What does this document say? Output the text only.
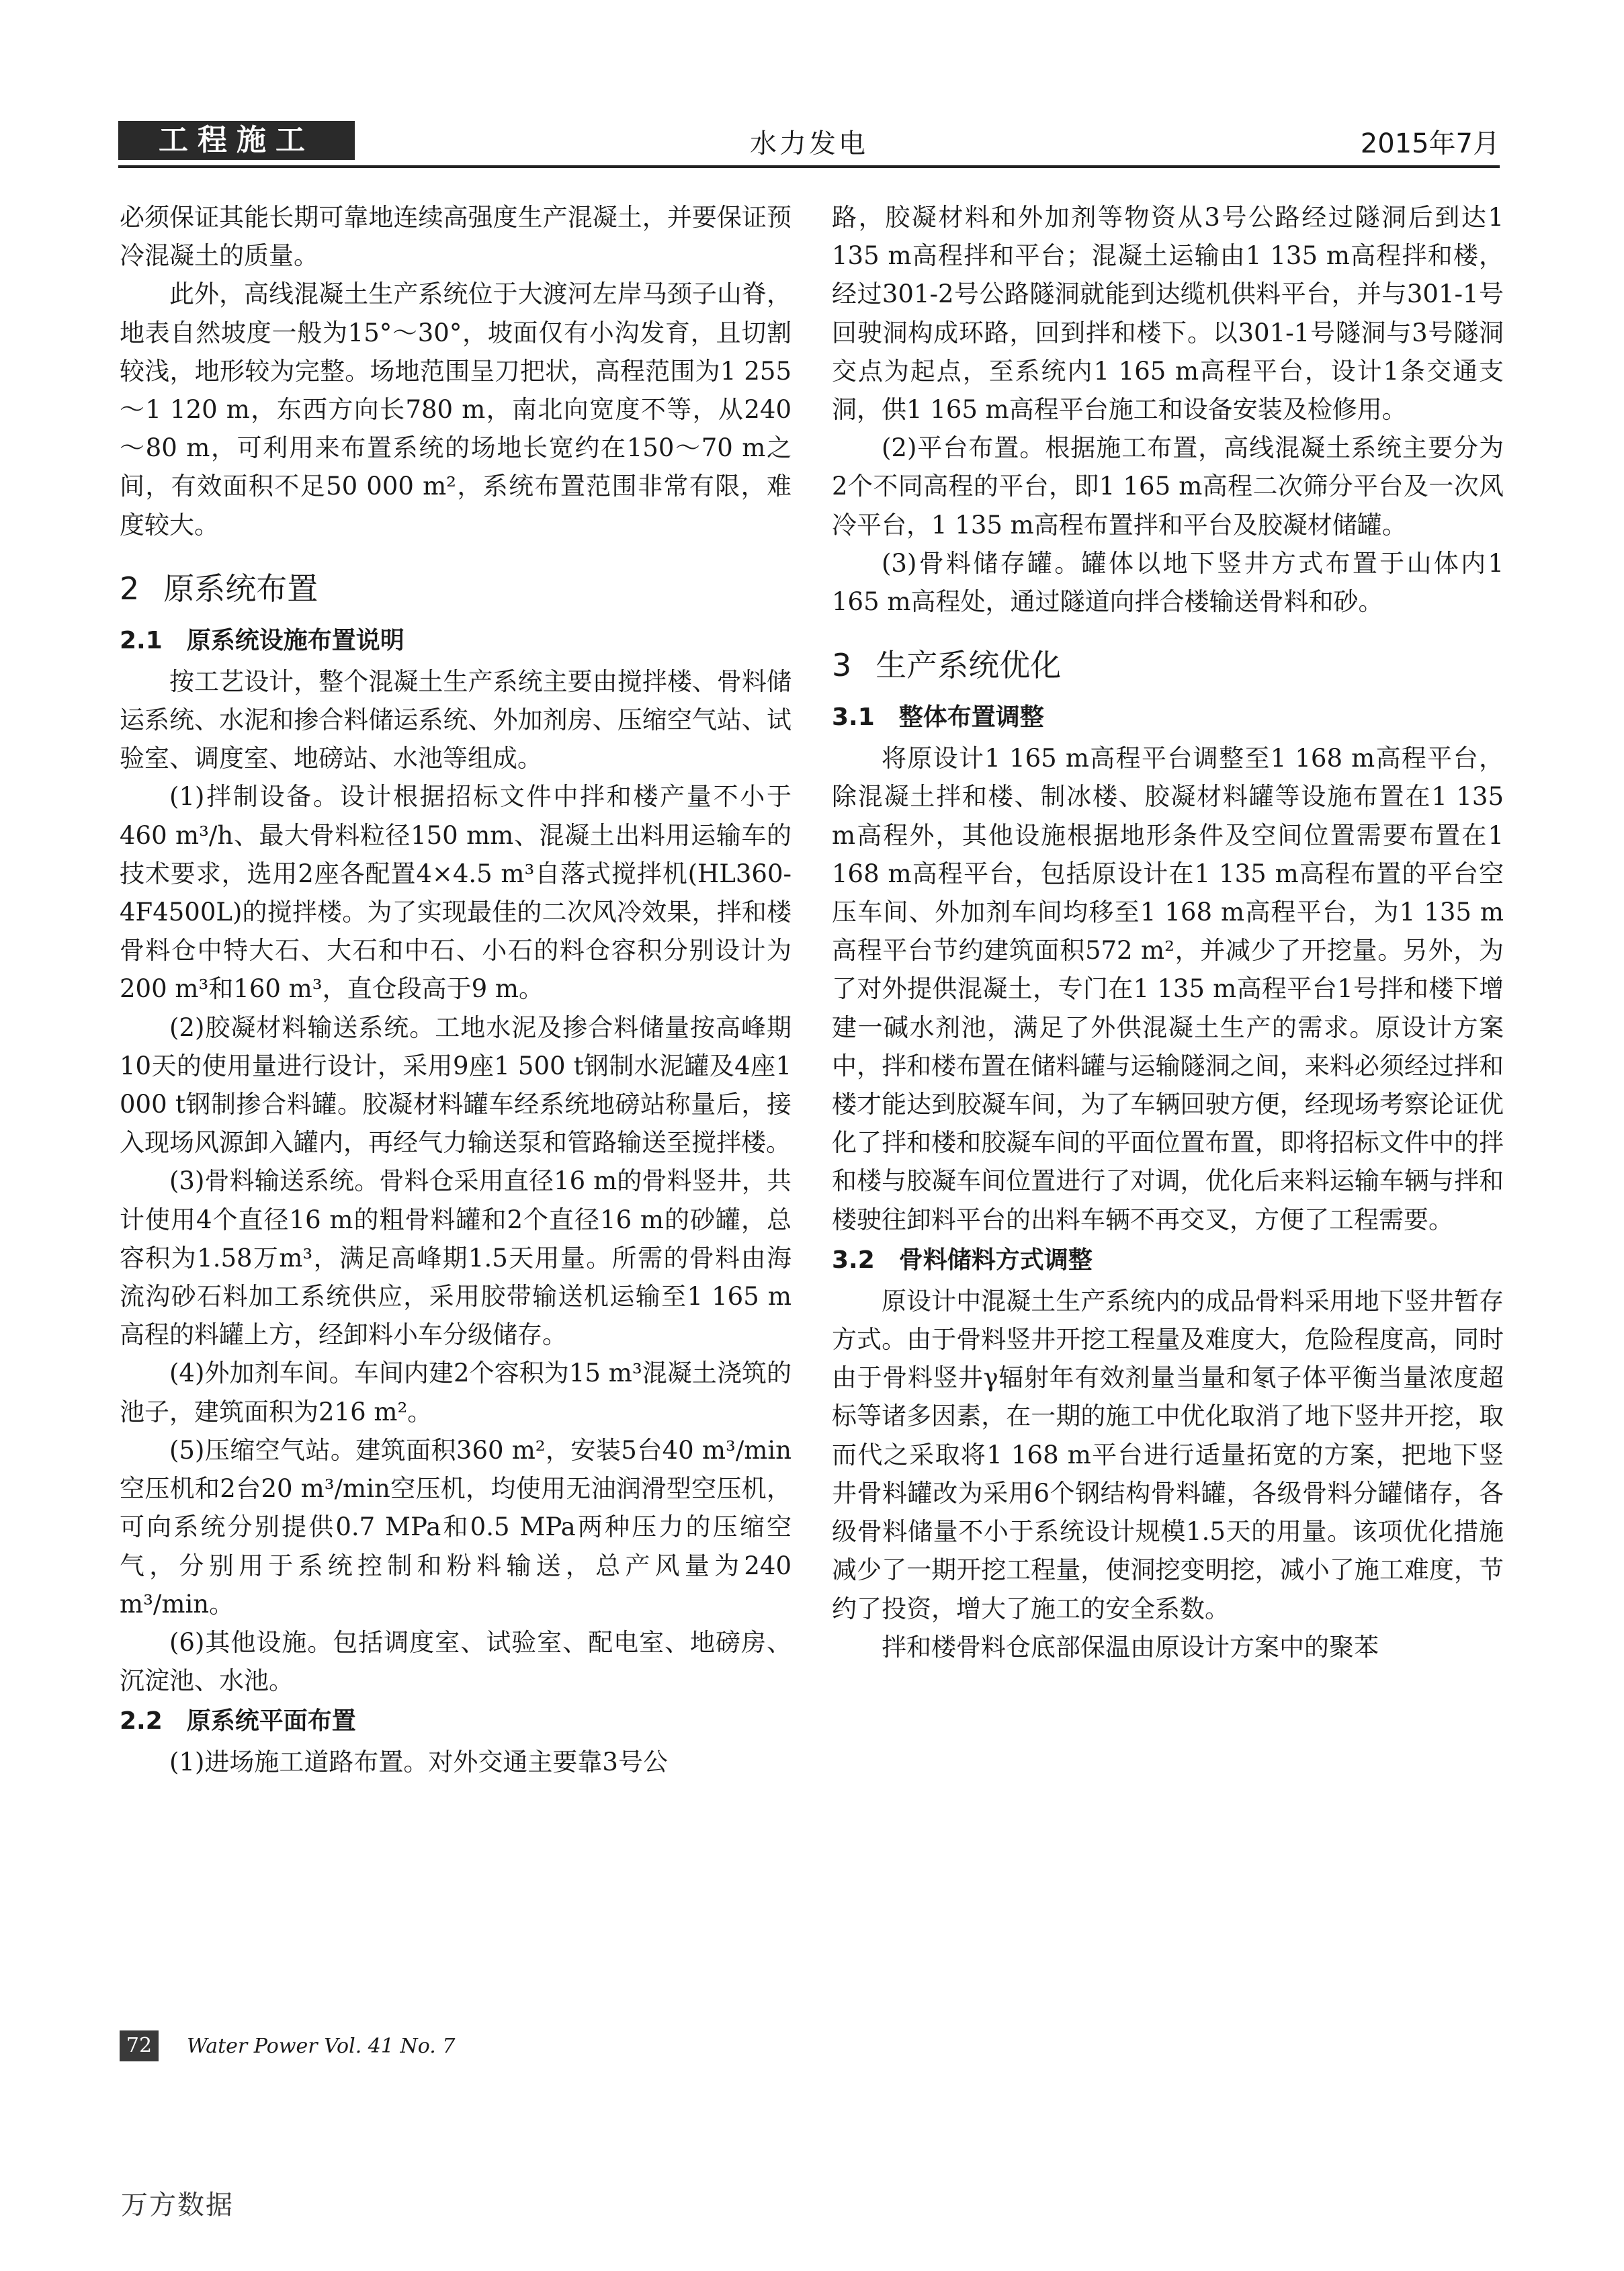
工程施工	水力发电	2015年7月

必须保证其能长期可靠地连续高强度生产混凝土，并要保证预冷混凝土的质量。

此外，高线混凝土生产系统位于大渡河左岸马颈子山脊，地表自然坡度一般为15°～30°，坡面仅有小沟发育，且切割较浅，地形较为完整。场地范围呈刀把状，高程范围为1 255～1 120 m，东西方向长780 m，南北向宽度不等，从240～80 m，可利用来布置系统的场地长宽约在150～70 m之间，有效面积不足50 000 m²，系统布置范围非常有限，难度较大。

2 原系统布置
2.1 原系统设施布置说明

按工艺设计，整个混凝土生产系统主要由搅拌楼、骨料储运系统、水泥和掺合料储运系统、外加剂房、压缩空气站、试验室、调度室、地磅站、水池等组成。

(1)拌制设备。设计根据招标文件中拌和楼产量不小于460 m³/h、最大骨料粒径150 mm、混凝土出料用运输车的技术要求，选用2座各配置4×4.5 m³自落式搅拌机(HL360-4F4500L)的搅拌楼。为了实现最佳的二次风冷效果，拌和楼骨料仓中特大石、大石和中石、小石的料仓容积分别设计为200 m³和160 m³，直仓段高于9 m。

(2)胶凝材料输送系统。工地水泥及掺合料储量按高峰期10天的使用量进行设计，采用9座1 500 t钢制水泥罐及4座1 000 t钢制掺合料罐。胶凝材料罐车经系统地磅站称量后，接入现场风源卸入罐内，再经气力输送泵和管路输送至搅拌楼。

(3)骨料输送系统。骨料仓采用直径16 m的骨料竖井，共计使用4个直径16 m的粗骨料罐和2个直径16 m的砂罐，总容积为1.58万m³，满足高峰期1.5天用量。所需的骨料由海流沟砂石料加工系统供应，采用胶带输送机运输至1 165 m高程的料罐上方，经卸料小车分级储存。

(4)外加剂车间。车间内建2个容积为15 m³混凝土浇筑的池子，建筑面积为216 m²。

(5)压缩空气站。建筑面积360 m²，安装5台40 m³/min空压机和2台20 m³/min空压机，均使用无油润滑型空压机，可向系统分别提供0.7 MPa和0.5 MPa两种压力的压缩空气，分别用于系统控制和粉料输送，总产风量为240 m³/min。

(6)其他设施。包括调度室、试验室、配电室、地磅房、沉淀池、水池。

2.2 原系统平面布置

(1)进场施工道路布置。对外交通主要靠3号公

路，胶凝材料和外加剂等物资从3号公路经过隧洞后到达1 135 m高程拌和平台；混凝土运输由1 135 m高程拌和楼，经过301-2号公路隧洞就能到达缆机供料平台，并与301-1号回驶洞构成环路，回到拌和楼下。以301-1号隧洞与3号隧洞交点为起点，至系统内1 165 m高程平台，设计1条交通支洞，供1 165 m高程平台施工和设备安装及检修用。

(2)平台布置。根据施工布置，高线混凝土系统主要分为2个不同高程的平台，即1 165 m高程二次筛分平台及一次风冷平台，1 135 m高程布置拌和平台及胶凝材储罐。

(3)骨料储存罐。罐体以地下竖井方式布置于山体内1 165 m高程处，通过隧道向拌合楼输送骨料和砂。

3 生产系统优化
3.1 整体布置调整

将原设计1 165 m高程平台调整至1 168 m高程平台，除混凝土拌和楼、制冰楼、胶凝材料罐等设施布置在1 135 m高程外，其他设施根据地形条件及空间位置需要布置在1 168 m高程平台，包括原设计在1 135 m高程布置的平台空压车间、外加剂车间均移至1 168 m高程平台，为1 135 m高程平台节约建筑面积572 m²，并减少了开挖量。另外，为了对外提供混凝土，专门在1 135 m高程平台1号拌和楼下增建一碱水剂池，满足了外供混凝土生产的需求。原设计方案中，拌和楼布置在储料罐与运输隧洞之间，来料必须经过拌和楼才能达到胶凝车间，为了车辆回驶方便，经现场考察论证优化了拌和楼和胶凝车间的平面位置布置，即将招标文件中的拌和楼与胶凝车间位置进行了对调，优化后来料运输车辆与拌和楼驶往卸料平台的出料车辆不再交叉，方便了工程需要。

3.2 骨料储料方式调整

原设计中混凝土生产系统内的成品骨料采用地下竖井暂存方式。由于骨料竖井开挖工程量及难度大，危险程度高，同时由于骨料竖井γ辐射年有效剂量当量和氡子体平衡当量浓度超标等诸多因素，在一期的施工中优化取消了地下竖井开挖，取而代之采取将1 168 m平台进行适量拓宽的方案，把地下竖井骨料罐改为采用6个钢结构骨料罐，各级骨料分罐储存，各级骨料储量不小于系统设计规模1.5天的用量。该项优化措施减少了一期开挖工程量，使洞挖变明挖，减小了施工难度，节约了投资，增大了施工的安全系数。

拌和楼骨料仓底部保温由原设计方案中的聚苯

72	Water Power Vol. 41 No. 7
万方数据
